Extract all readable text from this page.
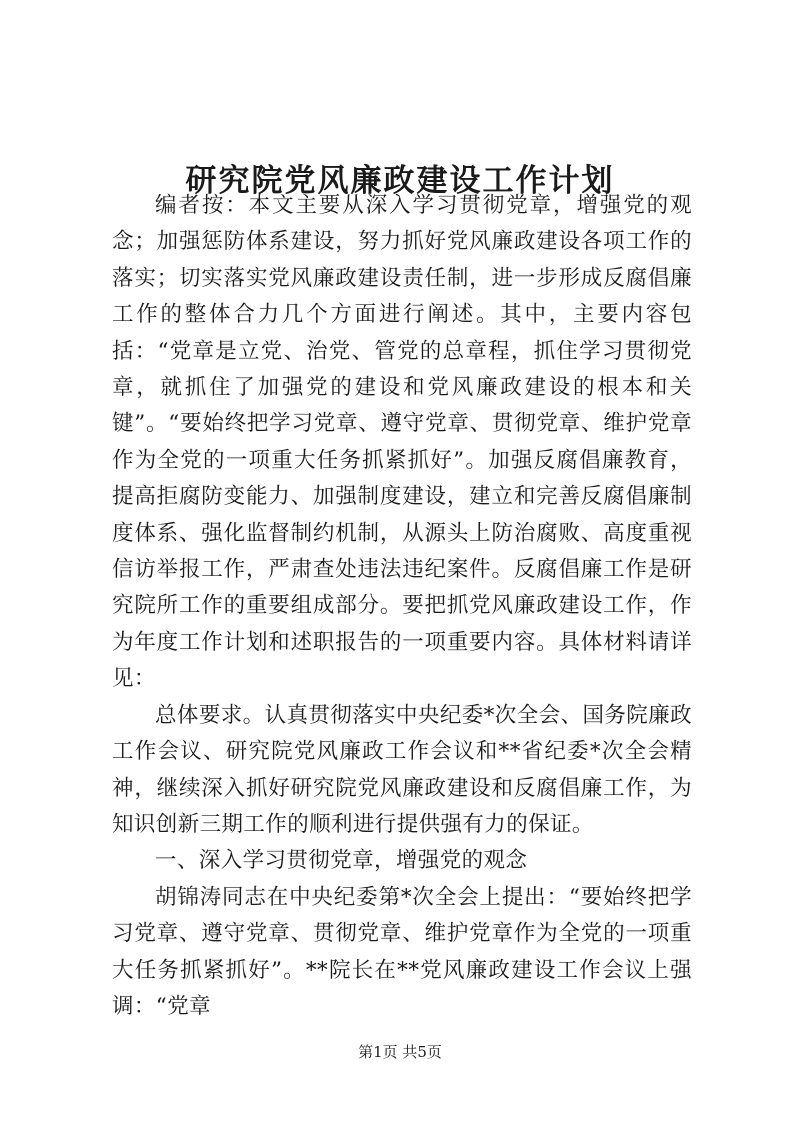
研究院党风廉政建设工作计划

编者按：本文主要从深入学习贯彻党章，增强党的观念；加强惩防体系建设，努力抓好党风廉政建设各项工作的落实；切实落实党风廉政建设责任制，进一步形成反腐倡廉工作的整体合力几个方面进行阐述。其中，主要内容包括：“党章是立党、治党、管党的总章程，抓住学习贯彻党章，就抓住了加强党的建设和党风廉政建设的根本和关键”。“要始终把学习党章、遵守党章、贯彻党章、维护党章作为全党的一项重大任务抓紧抓好”。加强反腐倡廉教育，提高拒腐防变能力、加强制度建设，建立和完善反腐倡廉制度体系、强化监督制约机制，从源头上防治腐败、高度重视信访举报工作，严肃查处违法违纪案件。反腐倡廉工作是研究院所工作的重要组成部分。要把抓党风廉政建设工作，作为年度工作计划和述职报告的一项重要内容。具体材料请详见：

总体要求。认真贯彻落实中央纪委*次全会、国务院廉政工作会议、研究院党风廉政工作会议和**省纪委*次全会精神，继续深入抓好研究院党风廉政建设和反腐倡廉工作，为知识创新三期工作的顺利进行提供强有力的保证。

一、深入学习贯彻党章，增强党的观念

胡锦涛同志在中央纪委第*次全会上提出：“要始终把学习党章、遵守党章、贯彻党章、维护党章作为全党的一项重大任务抓紧抓好”。**院长在**党风廉政建设工作会议上强调：“党章

第1页 共5页
